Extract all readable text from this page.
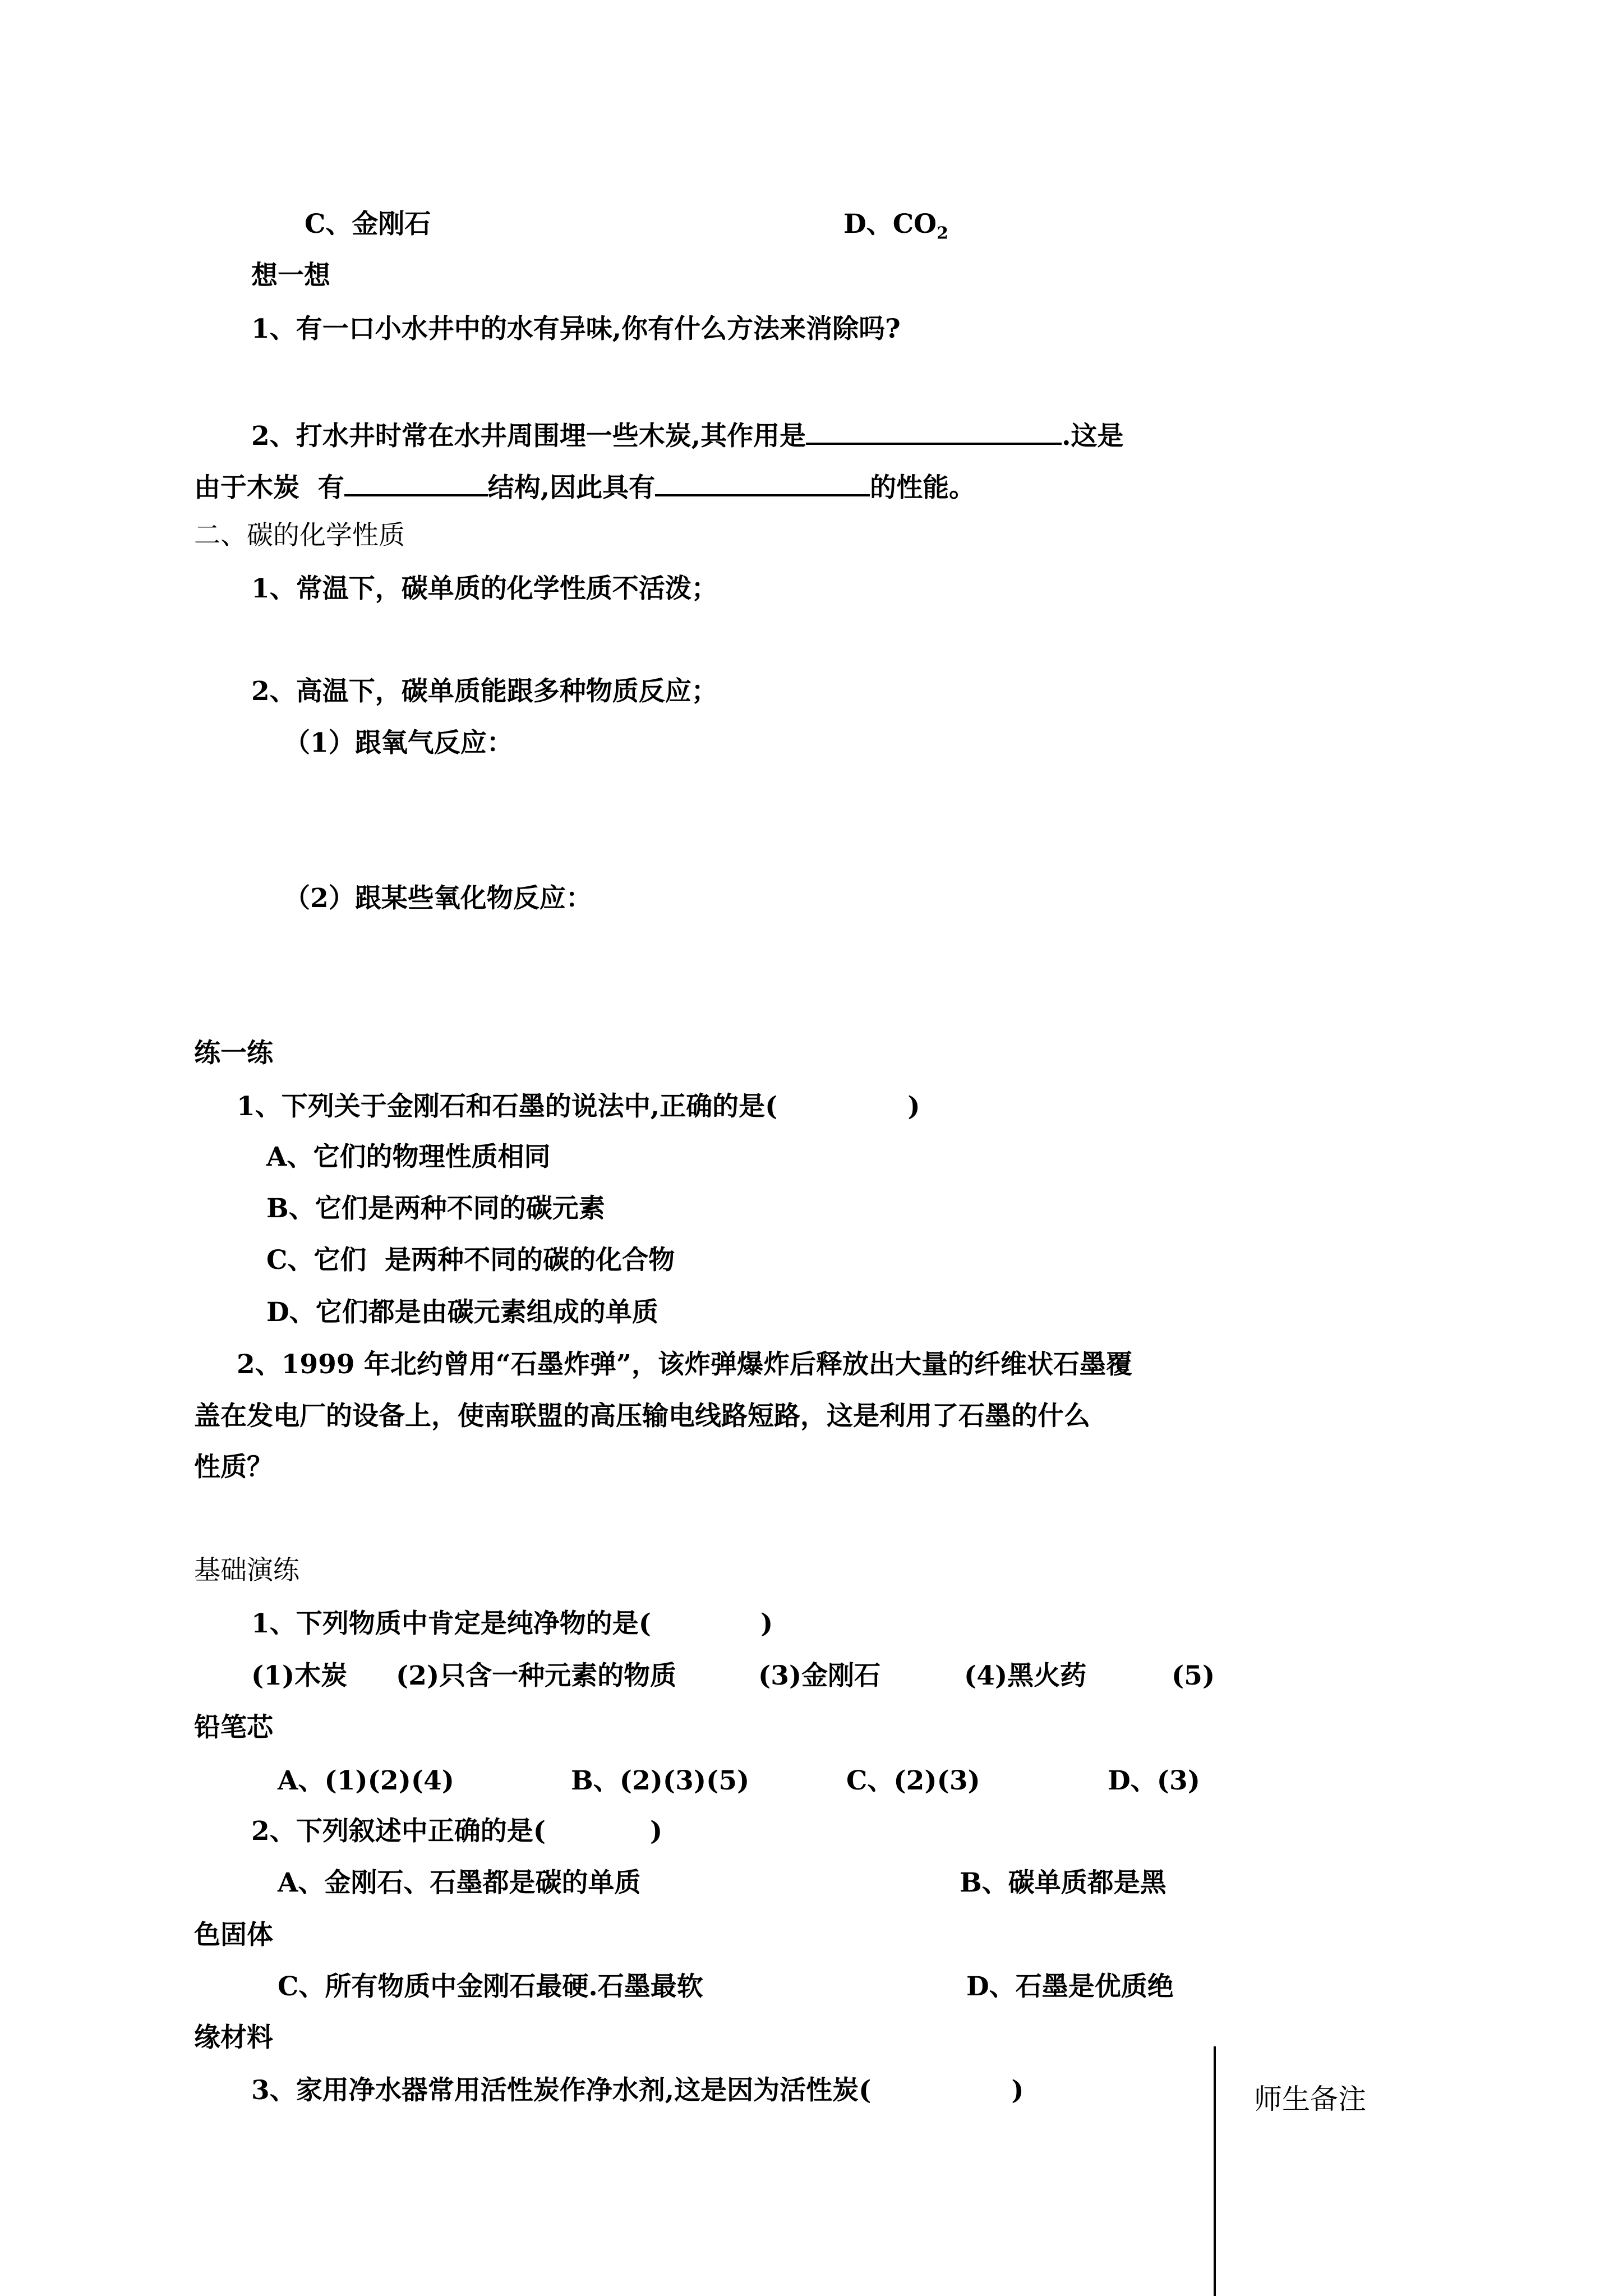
C、金刚石	D、$CO_2$
想一想
1、有一口小水井中的水有异味,你有什么方法来消除吗?
2、打水井时常在水井周围埋一些木炭,其作用是	.这是
由于木炭  有	结构,因此具有	的性能。
二、碳的化学性质
1、常温下，碳单质的化学性质不活泼；
2、高温下，碳单质能跟多种物质反应；
（1）跟氧气反应：
（2）跟某些氧化物反应：
练一练
1、下列关于金刚石和石墨的说法中,正确的是(	)
A、它们的物理性质相同
B、它们是两种不同的碳元素
C、它们  是两种不同的碳的化合物
D、它们都是由碳元素组成的单质
2、1999 年北约曾用“石墨炸弹”，该炸弹爆炸后释放出大量的纤维状石墨覆
盖在发电厂的设备上，使南联盟的高压输电线路短路，这是利用了石墨的什么
性质？
基础演练
1、下列物质中肯定是纯净物的是(	)
(1)木炭 (2)只含一种元素的物质	(3)金刚石	(4)黑火药	(5)
铅笔芯
A、(1)(2)(4)	B、(2)(3)(5)	C、(2)(3)	D、(3)
2、下列叙述中正确的是(	)
A、金刚石、石墨都是碳的单质	B、碳单质都是黑
色固体
C、所有物质中金刚石最硬.石墨最软	D、石墨是优质绝
缘材料
3、家用净水器常用活性炭作净水剂,这是因为活性炭(	)	师生备注
